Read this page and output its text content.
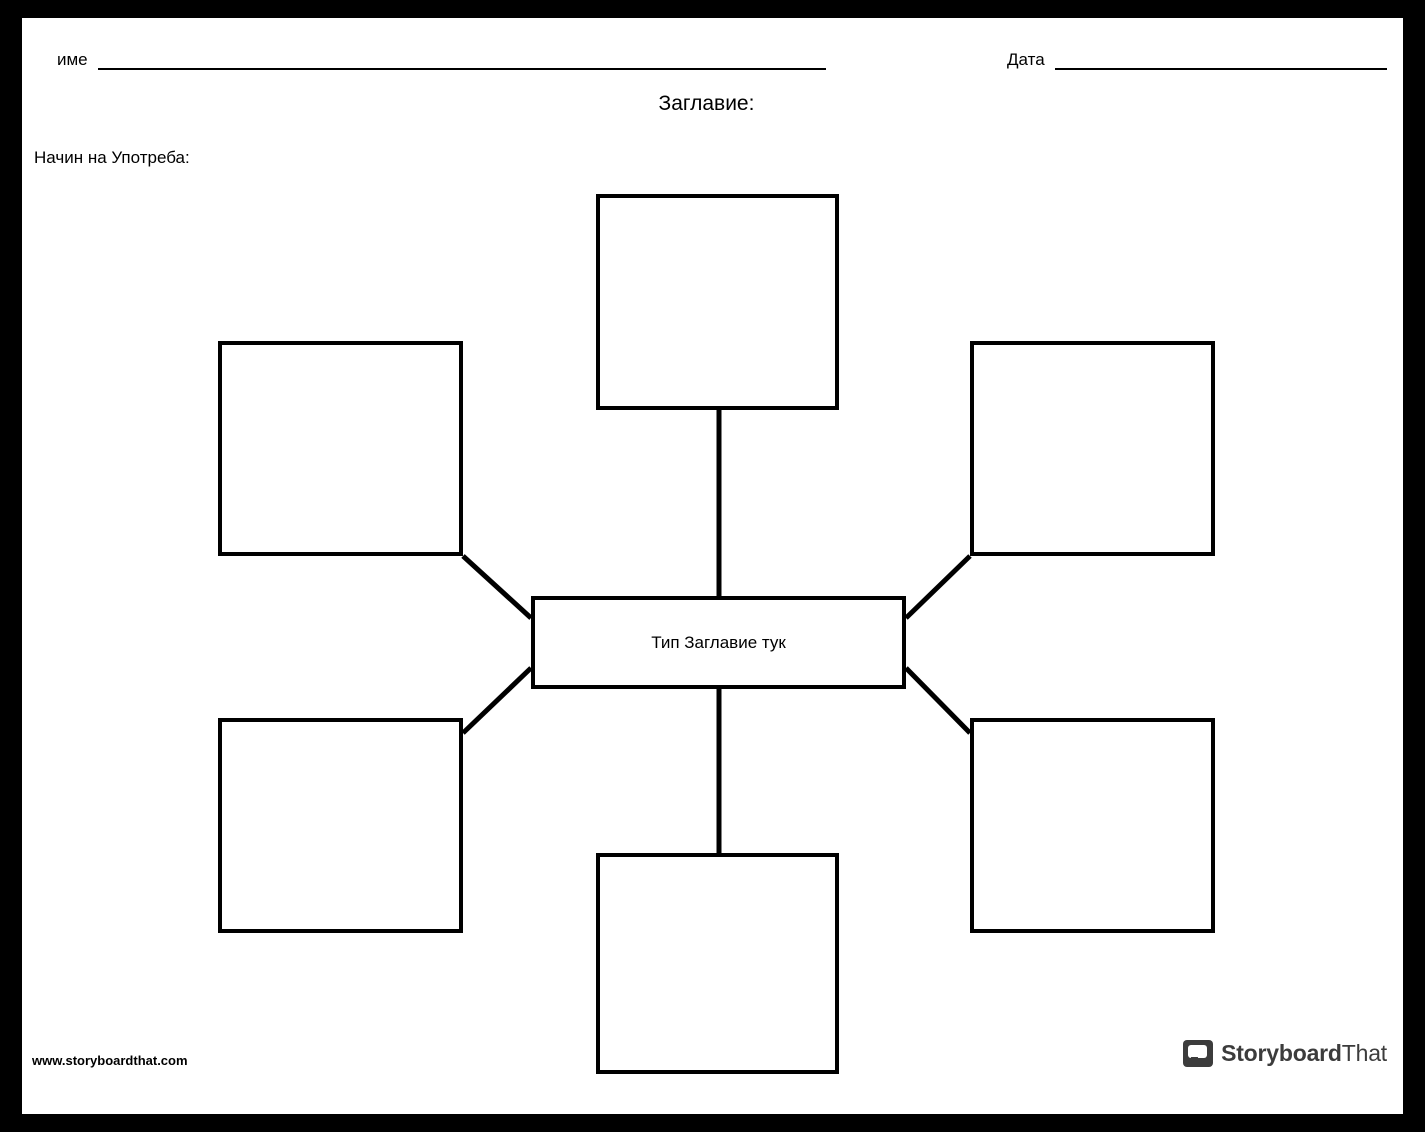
име	Дата
Заглавие:
Начин на Употреба:
Тип Заглавие тук
www.storyboardthat.com	StoryboardThat
